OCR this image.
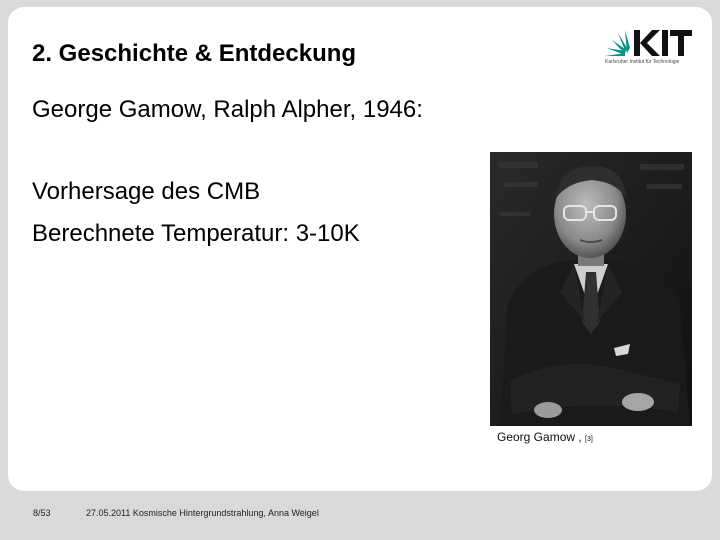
2. Geschichte & Entdeckung
KIT
Karlsruher Institut für Technologie
George Gamow, Ralph Alpher, 1946:
Vorhersage des CMB
Berechnete Temperatur: 3-10K
Georg Gamow , [3]
8/53	27.05.2011 Kosmische Hintergrundstrahlung, Anna Weigel
